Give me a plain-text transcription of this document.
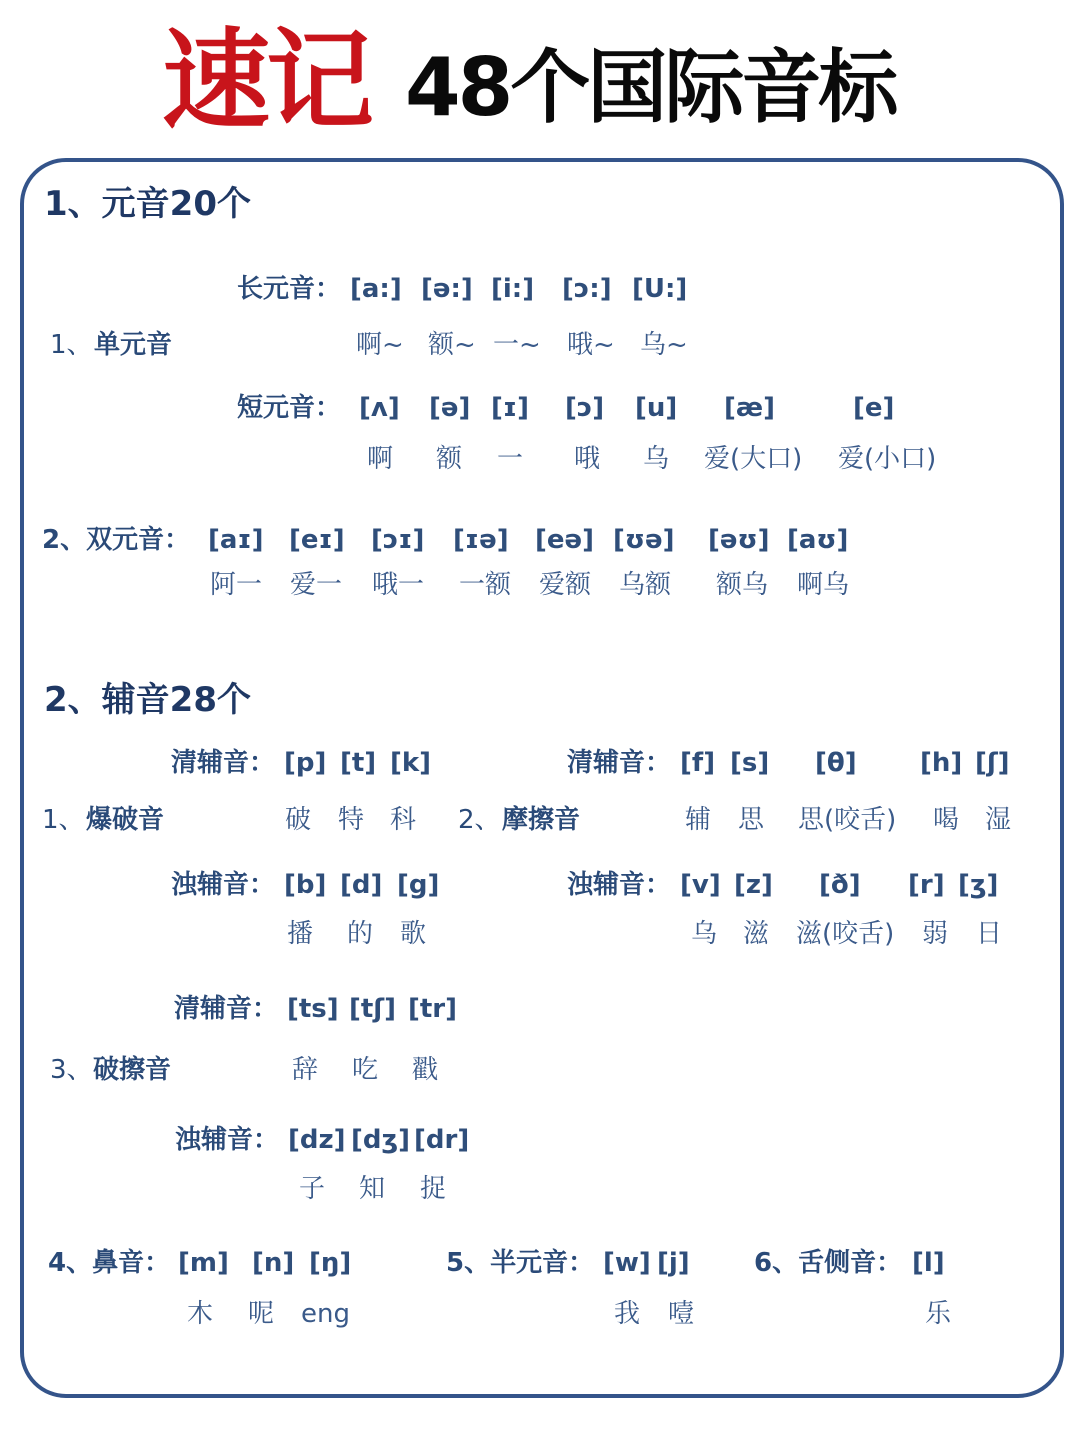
速记 48个国际音标
1、元音20个
长元音： [a:] [ə:] [i:] [ɔ:] [U:]
1、 单元音	啊~ 额~ 一~ 哦~ 乌~
短元音： [ʌ] [ə] [ɪ] [ɔ] [u] [æ]	[e]
啊 额 一 哦 乌 爱(大口) 爱(小口)
2、双元音： [aɪ] [eɪ] [ɔɪ] [ɪə] [eə] [ʊə] [əʊ] [aʊ]
阿一 爱一 哦一 一额 爱额 乌额 额乌 啊乌
2、辅音28个
清辅音： [p] [t] [k]
1、 爆破音	破 特 科
浊辅音： [b] [d] [g]
播 的 歌
清辅音： [f] [s] [θ] [h] [ʃ]
2、 摩擦音	辅 思 思(咬舌) 喝 湿
浊辅音： [v] [z] [ð] [r] [ʒ]
乌 滋 滋(咬舌) 弱 日
清辅音： [ts] [tʃ] [tr]
3、 破擦音	辞 吃 戳
浊辅音： [dz] [dʒ] [dr]
子 知 捉
4、鼻音： [m] [n] [ŋ]
木 呢 eng
5、半元音： [w] [j]
我 噎
6、舌侧音： [l]
乐
